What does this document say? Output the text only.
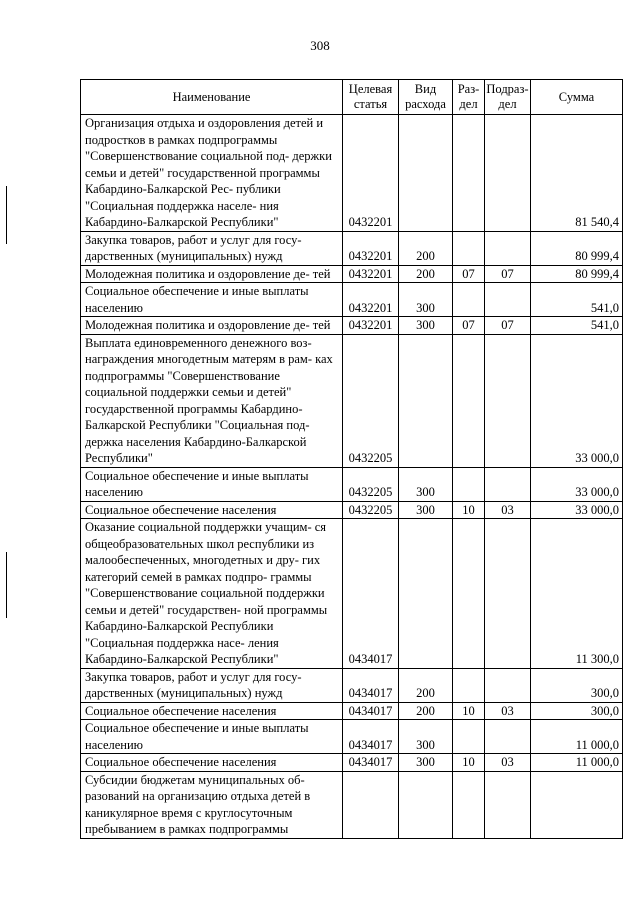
308
Наименование	Целевая статья	Вид расхода	Раз- дел	Подраз- дел	Сумма
Организация отдыха и оздоровления детей и подростков в рамках подпрограммы "Совершенствование социальной под- держки семьи и детей" государственной программы Кабардино-Балкарской Рес- публики "Социальная поддержка населе- ния Кабардино-Балкарской Республики"	0432201				81 540,4
Закупка товаров, работ и услуг для госу- дарственных (муниципальных) нужд	0432201	200			80 999,4
Молодежная политика и оздоровление де- тей	0432201	200	07	07	80 999,4
Социальное обеспечение и иные выплаты населению	0432201	300			541,0
Молодежная политика и оздоровление де- тей	0432201	300	07	07	541,0
Выплата единовременного денежного воз- награждения многодетным матерям в рам- ках подпрограммы "Совершенствование социальной поддержки семьи и детей" государственной программы Кабардино- Балкарской Республики "Социальная под- держка населения Кабардино-Балкарской Республики"	0432205				33 000,0
Социальное обеспечение и иные выплаты населению	0432205	300			33 000,0
Социальное обеспечение населения	0432205	300	10	03	33 000,0
Оказание социальной поддержки учащим- ся общеобразовательных школ республики из малообеспеченных, многодетных и дру- гих категорий семей в рамках подпро- граммы "Совершенствование социальной поддержки семьи и детей" государствен- ной программы Кабардино-Балкарской Республики "Социальная поддержка насе- ления Кабардино-Балкарской Республики"	0434017				11 300,0
Закупка товаров, работ и услуг для госу- дарственных (муниципальных) нужд	0434017	200			300,0
Социальное обеспечение населения	0434017	200	10	03	300,0
Социальное обеспечение и иные выплаты населению	0434017	300			11 000,0
Социальное обеспечение населения	0434017	300	10	03	11 000,0
Субсидии бюджетам муниципальных об- разований на организацию отдыха детей в каникулярное время с круглосуточным пребыванием в рамках подпрограммы					
